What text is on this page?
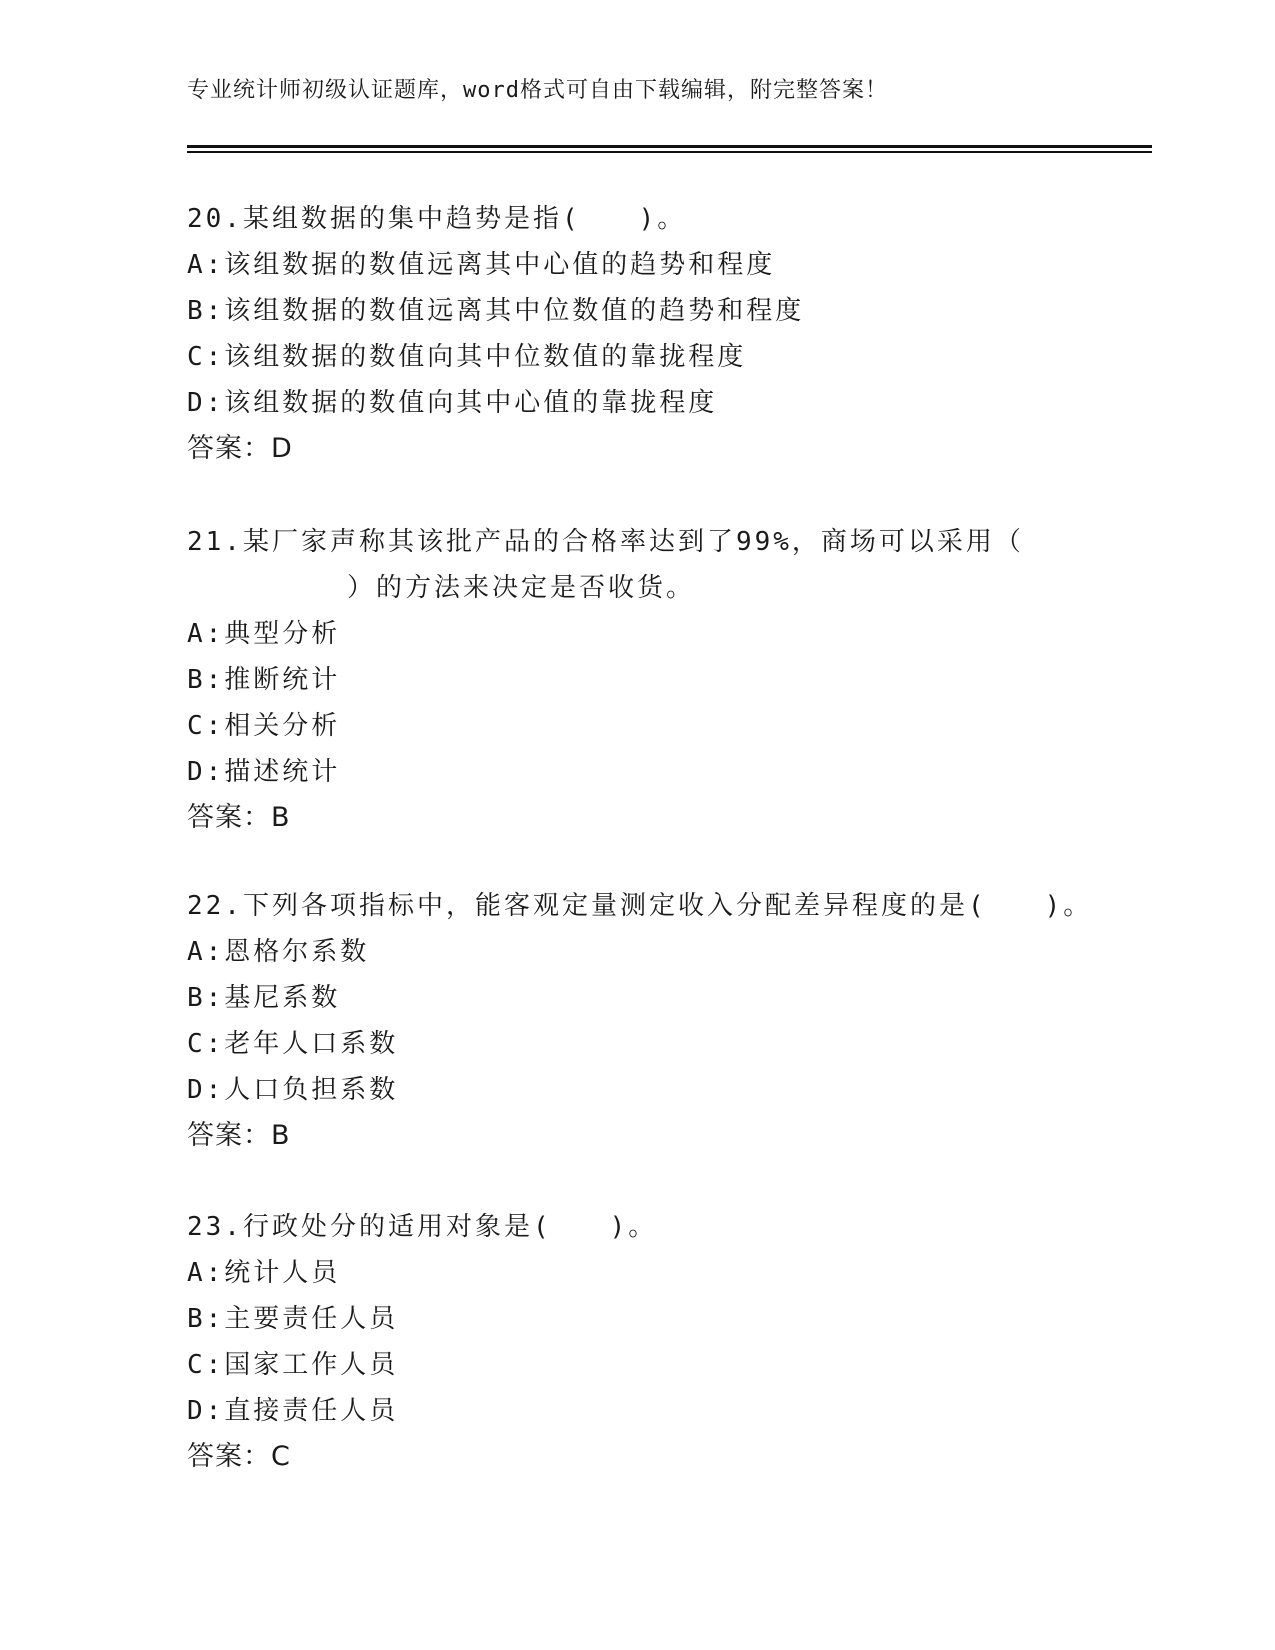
专业统计师初级认证题库，word格式可自由下载编辑，附完整答案！
20.某组数据的集中趋势是指(　　)。
A:该组数据的数值远离其中心值的趋势和程度
B:该组数据的数值远离其中位数值的趋势和程度
C:该组数据的数值向其中位数值的靠拢程度
D:该组数据的数值向其中心值的靠拢程度
答案：D
21.某厂家声称其该批产品的合格率达到了99%，商场可以采用（
）的方法来决定是否收货。
A:典型分析
B:推断统计
C:相关分析
D:描述统计
答案：B
22.下列各项指标中，能客观定量测定收入分配差异程度的是(　　)。
A:恩格尔系数
B:基尼系数
C:老年人口系数
D:人口负担系数
答案：B
23.行政处分的适用对象是(　　)。
A:统计人员
B:主要责任人员
C:国家工作人员
D:直接责任人员
答案：C
